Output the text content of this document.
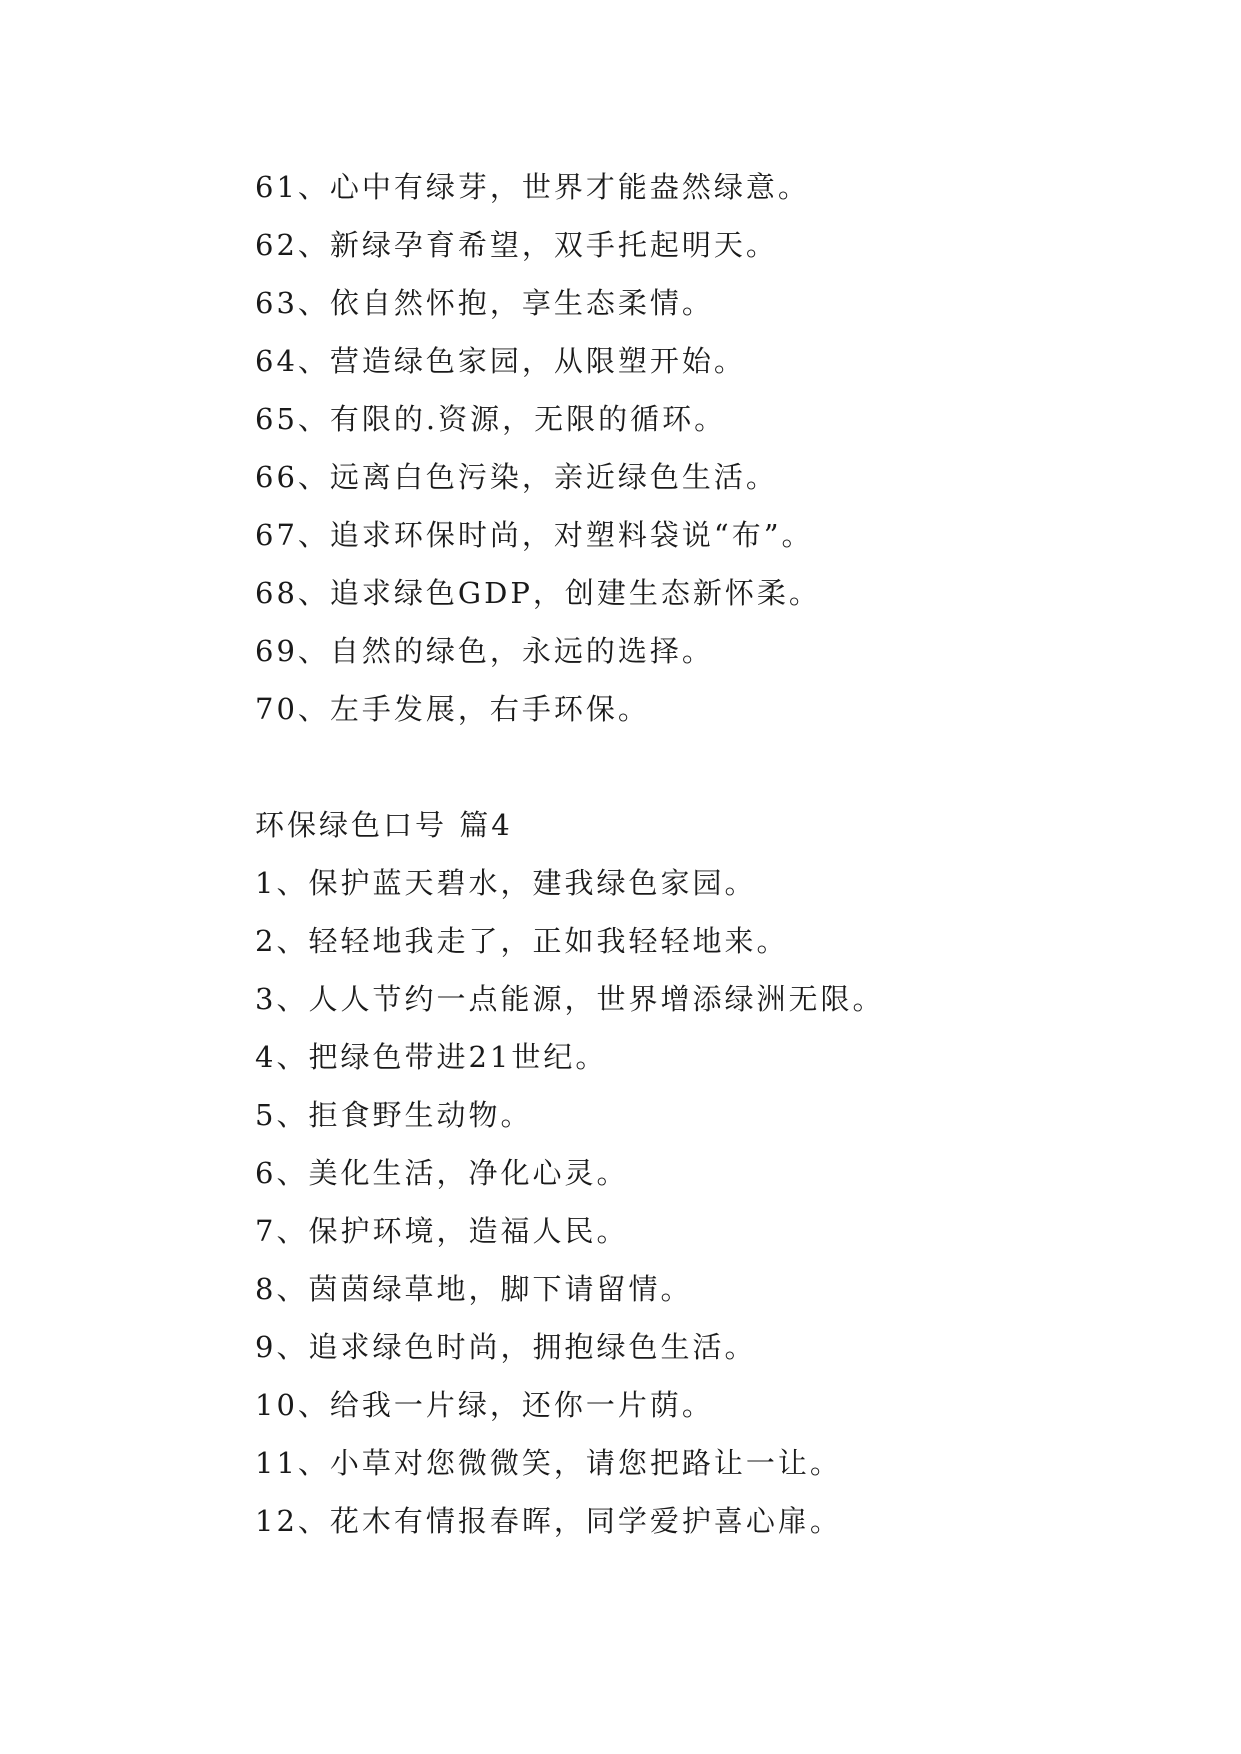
61、心中有绿芽，世界才能盎然绿意。
62、新绿孕育希望，双手托起明天。
63、依自然怀抱，享生态柔情。
64、营造绿色家园，从限塑开始。
65、有限的.资源，无限的循环。
66、远离白色污染，亲近绿色生活。
67、追求环保时尚，对塑料袋说“布”。
68、追求绿色GDP，创建生态新怀柔。
69、自然的绿色，永远的选择。
70、左手发展，右手环保。
环保绿色口号 篇4
1、保护蓝天碧水，建我绿色家园。
2、轻轻地我走了，正如我轻轻地来。
3、人人节约一点能源，世界增添绿洲无限。
4、把绿色带进21世纪。
5、拒食野生动物。
6、美化生活，净化心灵。
7、保护环境，造福人民。
8、茵茵绿草地，脚下请留情。
9、追求绿色时尚，拥抱绿色生活。
10、给我一片绿，还你一片荫。
11、小草对您微微笑，请您把路让一让。
12、花木有情报春晖，同学爱护喜心扉。
